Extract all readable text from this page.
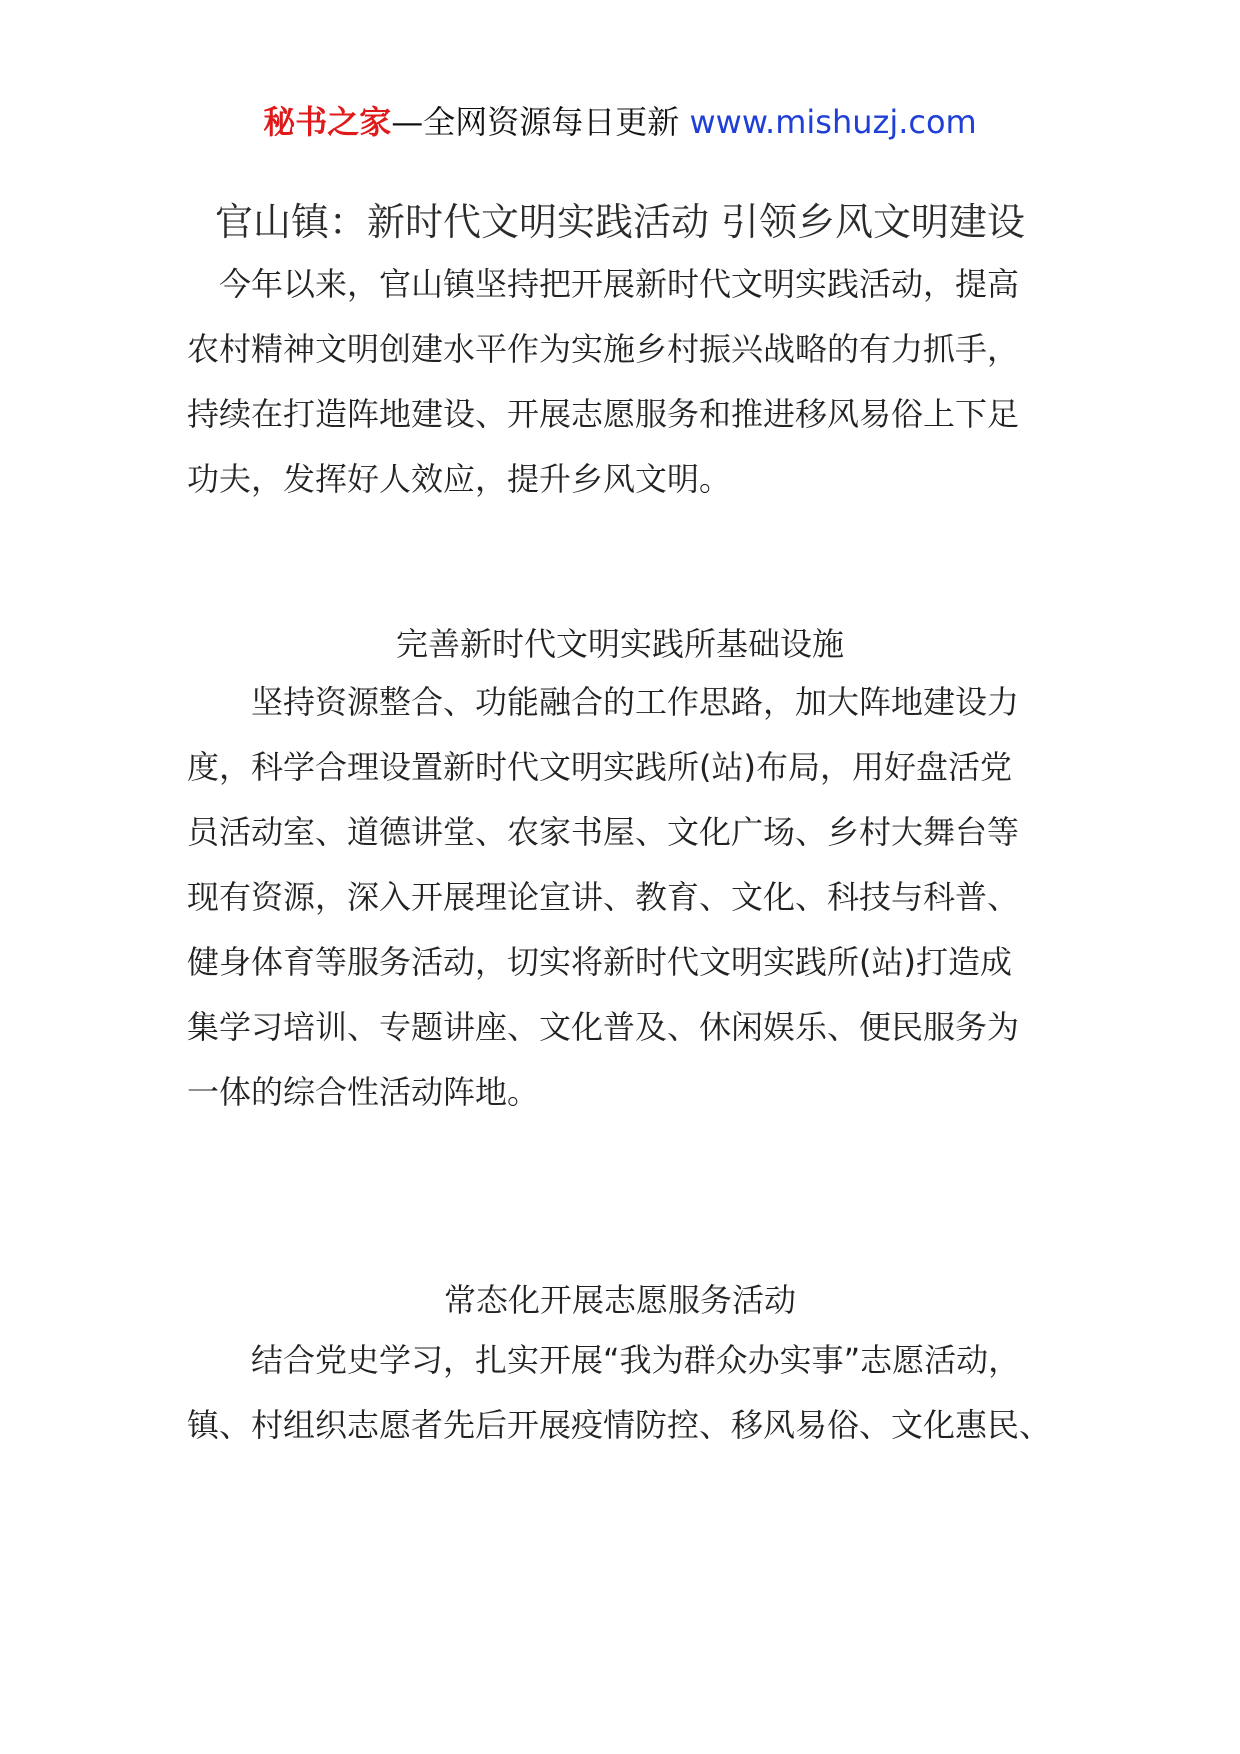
秘书之家—全网资源每日更新 www.mishuzj.com
官山镇：新时代文明实践活动 引领乡风文明建设
今年以来，官山镇坚持把开展新时代文明实践活动，提高
农村精神文明创建水平作为实施乡村振兴战略的有力抓手，
持续在打造阵地建设、开展志愿服务和推进移风易俗上下足
功夫，发挥好人效应，提升乡风文明。
完善新时代文明实践所基础设施
坚持资源整合、功能融合的工作思路，加大阵地建设力
度，科学合理设置新时代文明实践所(站)布局，用好盘活党
员活动室、道德讲堂、农家书屋、文化广场、乡村大舞台等
现有资源，深入开展理论宣讲、教育、文化、科技与科普、
健身体育等服务活动，切实将新时代文明实践所(站)打造成
集学习培训、专题讲座、文化普及、休闲娱乐、便民服务为
一体的综合性活动阵地。
常态化开展志愿服务活动
结合党史学习，扎实开展“我为群众办实事”志愿活动，
镇、村组织志愿者先后开展疫情防控、移风易俗、文化惠民、
